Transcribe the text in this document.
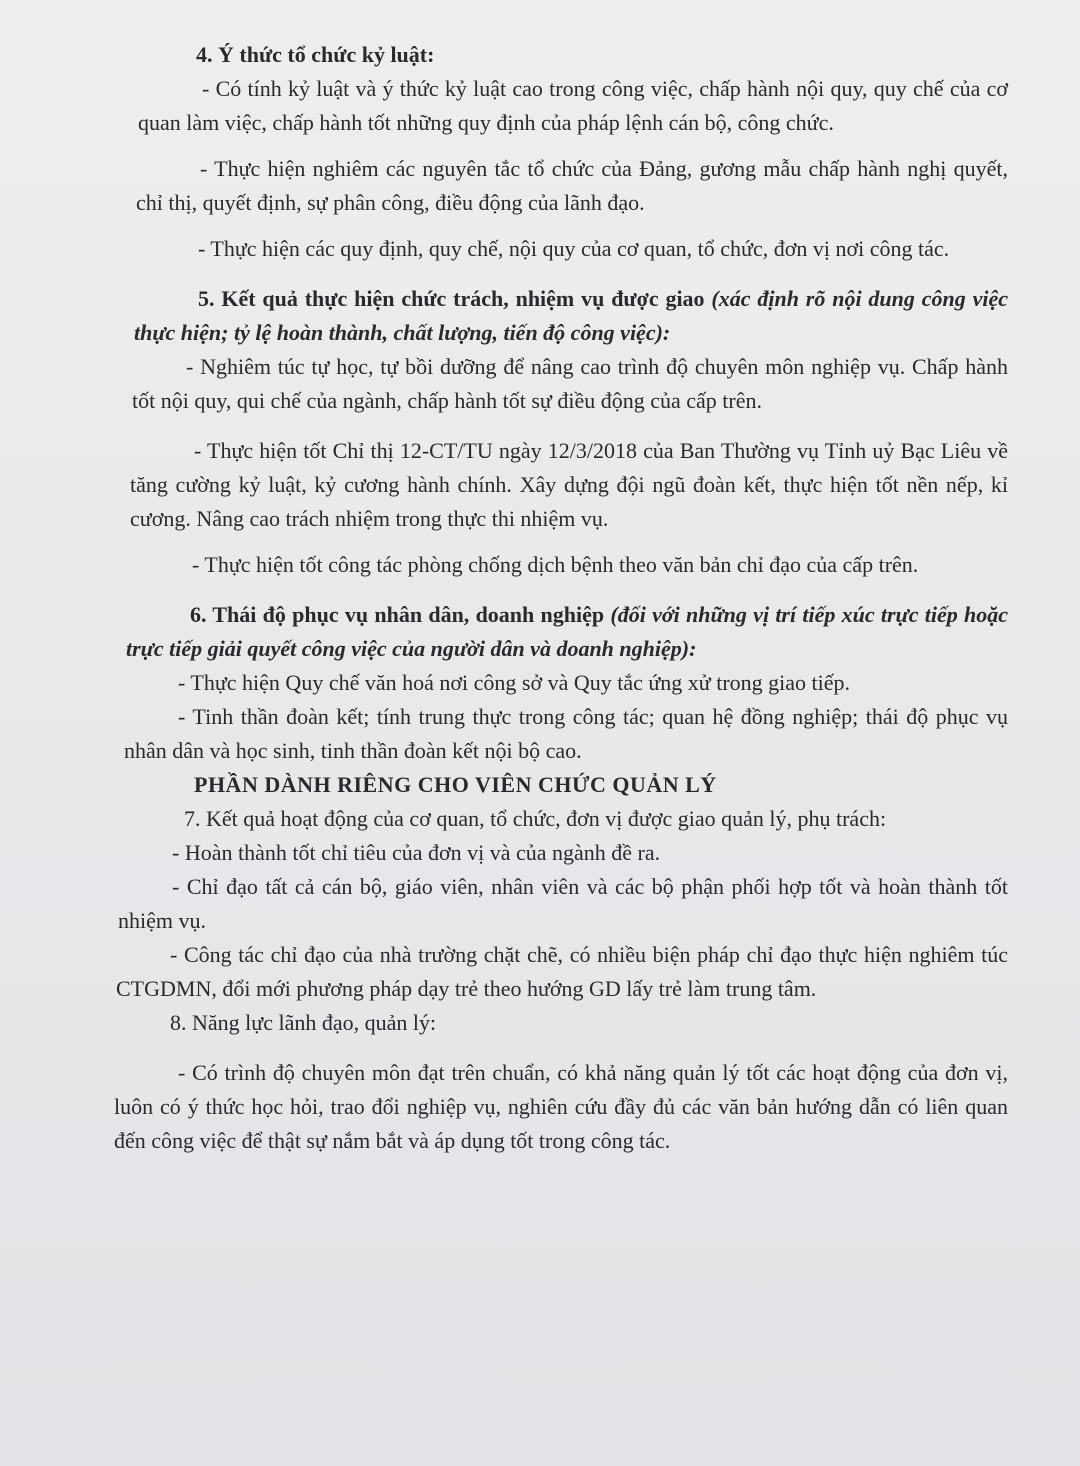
4. Ý thức tổ chức kỷ luật:

- Có tính kỷ luật và ý thức kỷ luật cao trong công việc, chấp hành nội quy, quy chế của cơ quan làm việc, chấp hành tốt những quy định của pháp lệnh cán bộ, công chức.

- Thực hiện nghiêm các nguyên tắc tổ chức của Đảng, gương mẫu chấp hành nghị quyết, chỉ thị, quyết định, sự phân công, điều động của lãnh đạo.

- Thực hiện các quy định, quy chế, nội quy của cơ quan, tổ chức, đơn vị nơi công tác.

5. Kết quả thực hiện chức trách, nhiệm vụ được giao (xác định rõ nội dung công việc thực hiện; tỷ lệ hoàn thành, chất lượng, tiến độ công việc):

- Nghiêm túc tự học, tự bồi dưỡng để nâng cao trình độ chuyên môn nghiệp vụ. Chấp hành tốt nội quy, qui chế của ngành, chấp hành tốt sự điều động của cấp trên.

- Thực hiện tốt Chỉ thị 12-CT/TU ngày 12/3/2018 của Ban Thường vụ Tỉnh uỷ Bạc Liêu về tăng cường kỷ luật, kỷ cương hành chính. Xây dựng đội ngũ đoàn kết, thực hiện tốt nền nếp, kỉ cương. Nâng cao trách nhiệm trong thực thi nhiệm vụ.

- Thực hiện tốt công tác phòng chống dịch bệnh theo văn bản chỉ đạo của cấp trên.

6. Thái độ phục vụ nhân dân, doanh nghiệp (đối với những vị trí tiếp xúc trực tiếp hoặc trực tiếp giải quyết công việc của người dân và doanh nghiệp):

- Thực hiện Quy chế văn hoá nơi công sở và Quy tắc ứng xử trong giao tiếp.

- Tinh thần đoàn kết; tính trung thực trong công tác; quan hệ đồng nghiệp; thái độ phục vụ nhân dân và học sinh, tinh thần đoàn kết nội bộ cao.

PHẦN DÀNH RIÊNG CHO VIÊN CHỨC QUẢN LÝ

7. Kết quả hoạt động của cơ quan, tổ chức, đơn vị được giao quản lý, phụ trách:

- Hoàn thành tốt chỉ tiêu của đơn vị và của ngành đề ra.

- Chỉ đạo tất cả cán bộ, giáo viên, nhân viên và các bộ phận phối hợp tốt và hoàn thành tốt nhiệm vụ.

- Công tác chỉ đạo của nhà trường chặt chẽ, có nhiều biện pháp chỉ đạo thực hiện nghiêm túc CTGDMN, đổi mới phương pháp dạy trẻ theo hướng GD lấy trẻ làm trung tâm.

8. Năng lực lãnh đạo, quản lý:

- Có trình độ chuyên môn đạt trên chuẩn, có khả năng quản lý tốt các hoạt động của đơn vị, luôn có ý thức học hỏi, trao đổi nghiệp vụ, nghiên cứu đầy đủ các văn bản hướng dẫn có liên quan đến công việc để thật sự nắm bắt và áp dụng tốt trong công tác.
